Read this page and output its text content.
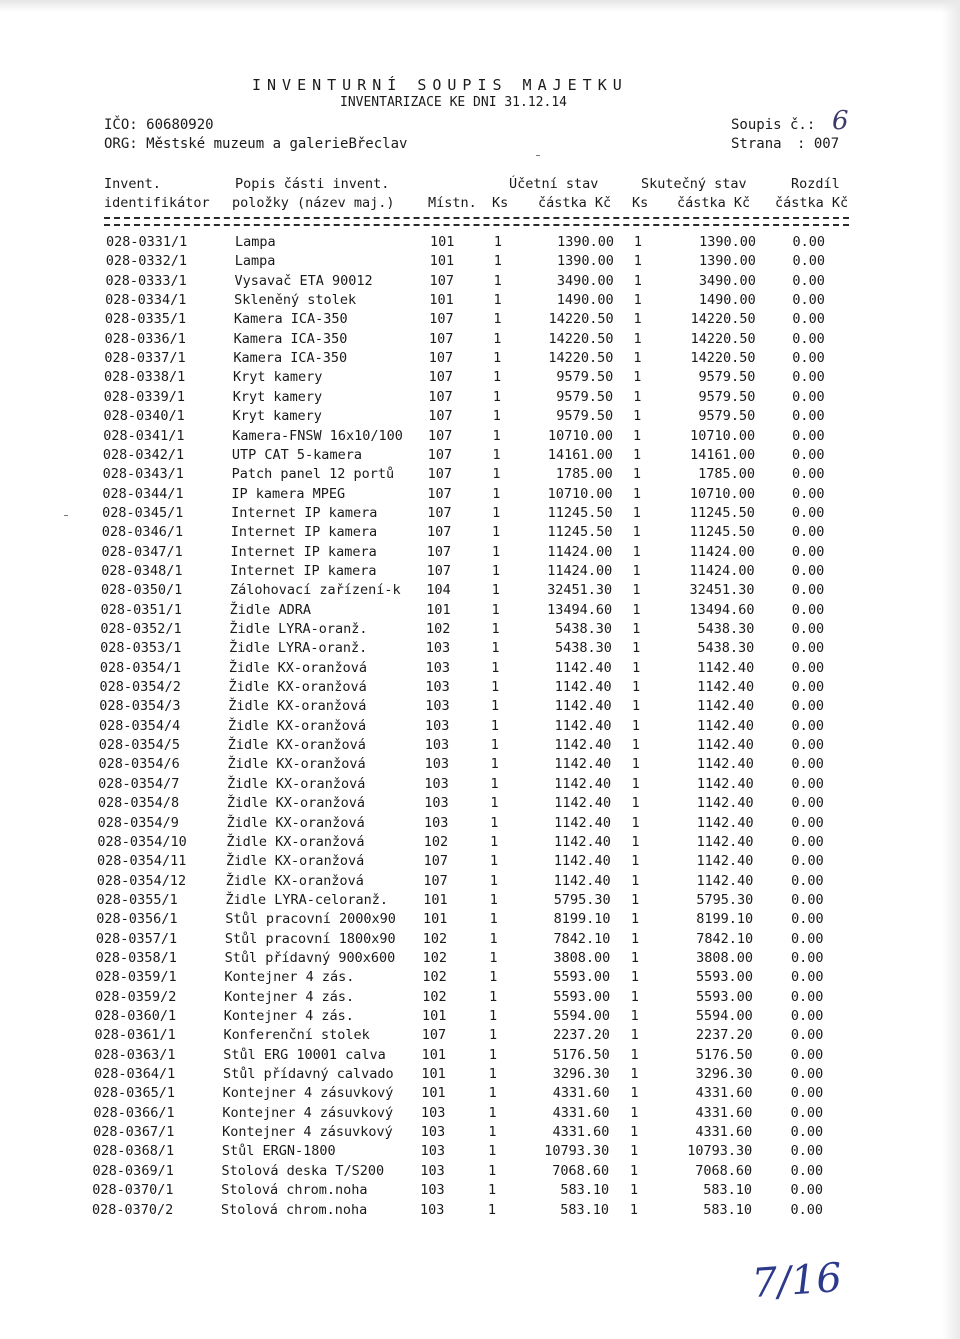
INVENTURNÍ SOUPIS MAJETKU
INVENTARIZACE KE DNI 31.12.14
IČO: 60680920
ORG: Městské muzeum a galerieBřeclav
Soupis č.: 6
Strana : 007
Invent.
identifikátor
Popis části invent.
položky (název maj.) Místn.
Účetní stav
Ks částka Kč
Skutečný stav
Ks částka Kč
Rozdíl
částka Kč
028-0331/1	Lampa	101	1	1390.00 1	1390.00	0.00
028-0332/1	Lampa	101	1	1390.00 1	1390.00	0.00
028-0333/1	Vysavač ETA 90012	107	1	3490.00 1	3490.00	0.00
028-0334/1	Skleněný stolek	101	1	1490.00 1	1490.00	0.00
028-0335/1	Kamera ICA-350	107	1	14220.50 1	14220.50	0.00
028-0336/1	Kamera ICA-350	107	1	14220.50 1	14220.50	0.00
028-0337/1	Kamera ICA-350	107	1	14220.50 1	14220.50	0.00
028-0338/1	Kryt kamery	107	1	9579.50 1	9579.50	0.00
028-0339/1	Kryt kamery	107	1	9579.50 1	9579.50	0.00
028-0340/1	Kryt kamery	107	1	9579.50 1	9579.50	0.00
028-0341/1	Kamera-FNSW 16x10/100 107	1	10710.00 1	10710.00	0.00
028-0342/1	UTP CAT 5-kamera	107	1	14161.00 1	14161.00	0.00
028-0343/1	Patch panel 12 portů 107	1	1785.00 1	1785.00	0.00
028-0344/1	IP kamera MPEG	107	1	10710.00 1	10710.00	0.00
028-0345/1	Internet IP kamera	107	1	11245.50 1	11245.50	0.00
028-0346/1	Internet IP kamera	107	1	11245.50 1	11245.50	0.00
028-0347/1	Internet IP kamera	107	1	11424.00 1	11424.00	0.00
028-0348/1	Internet IP kamera	107	1	11424.00 1	11424.00	0.00
028-0350/1	Zálohovací zařízení-k 104	1	32451.30 1	32451.30	0.00
028-0351/1	Židle ADRA	101	1	13494.60 1	13494.60	0.00
028-0352/1	Židle LYRA-oranž.	102	1	5438.30 1	5438.30	0.00
028-0353/1	Židle LYRA-oranž.	103	1	5438.30 1	5438.30	0.00
028-0354/1	Židle KX-oranžová	103	1	1142.40 1	1142.40	0.00
028-0354/2	Židle KX-oranžová	103	1	1142.40 1	1142.40	0.00
028-0354/3	Židle KX-oranžová	103	1	1142.40 1	1142.40	0.00
028-0354/4	Židle KX-oranžová	103	1	1142.40 1	1142.40	0.00
028-0354/5	Židle KX-oranžová	103	1	1142.40 1	1142.40	0.00
028-0354/6	Židle KX-oranžová	103	1	1142.40 1	1142.40	0.00
028-0354/7	Židle KX-oranžová	103	1	1142.40 1	1142.40	0.00
028-0354/8	Židle KX-oranžová	103	1	1142.40 1	1142.40	0.00
028-0354/9	Židle KX-oranžová	103	1	1142.40 1	1142.40	0.00
028-0354/10	Židle KX-oranžová	102	1	1142.40 1	1142.40	0.00
028-0354/11	Židle KX-oranžová	107	1	1142.40 1	1142.40	0.00
028-0354/12	Židle KX-oranžová	107	1	1142.40 1	1142.40	0.00
028-0355/1	Židle LYRA-celoranž.	101	1	5795.30 1	5795.30	0.00
028-0356/1	Stůl pracovní 2000x90 101	1	8199.10 1	8199.10	0.00
028-0357/1	Stůl pracovní 1800x90 102	1	7842.10 1	7842.10	0.00
028-0358/1	Stůl přídavný 900x600 102	1	3808.00 1	3808.00	0.00
028-0359/1	Kontejner 4 zás.	102	1	5593.00 1	5593.00	0.00
028-0359/2	Kontejner 4 zás.	102	1	5593.00 1	5593.00	0.00
028-0360/1	Kontejner 4 zás.	101	1	5594.00 1	5594.00	0.00
028-0361/1	Konferenční stolek	107	1	2237.20 1	2237.20	0.00
028-0363/1	Stůl ERG 10001 calva	101	1	5176.50 1	5176.50	0.00
028-0364/1	Stůl přídavný calvado 101	1	3296.30 1	3296.30	0.00
028-0365/1	Kontejner 4 zásuvkový 101	1	4331.60 1	4331.60	0.00
028-0366/1	Kontejner 4 zásuvkový 103	1	4331.60 1	4331.60	0.00
028-0367/1	Kontejner 4 zásuvkový 103	1	4331.60 1	4331.60	0.00
028-0368/1	Stůl ERGN-1800	103	1	10793.30 1	10793.30	0.00
028-0369/1	Stolová deska T/S200	103	1	7068.60 1	7068.60	0.00
028-0370/1	Stolová chrom.noha	103	1	583.10 1	583.10	0.00
028-0370/2	Stolová chrom.noha	103	1	583.10 1	583.10	0.00
7/16
